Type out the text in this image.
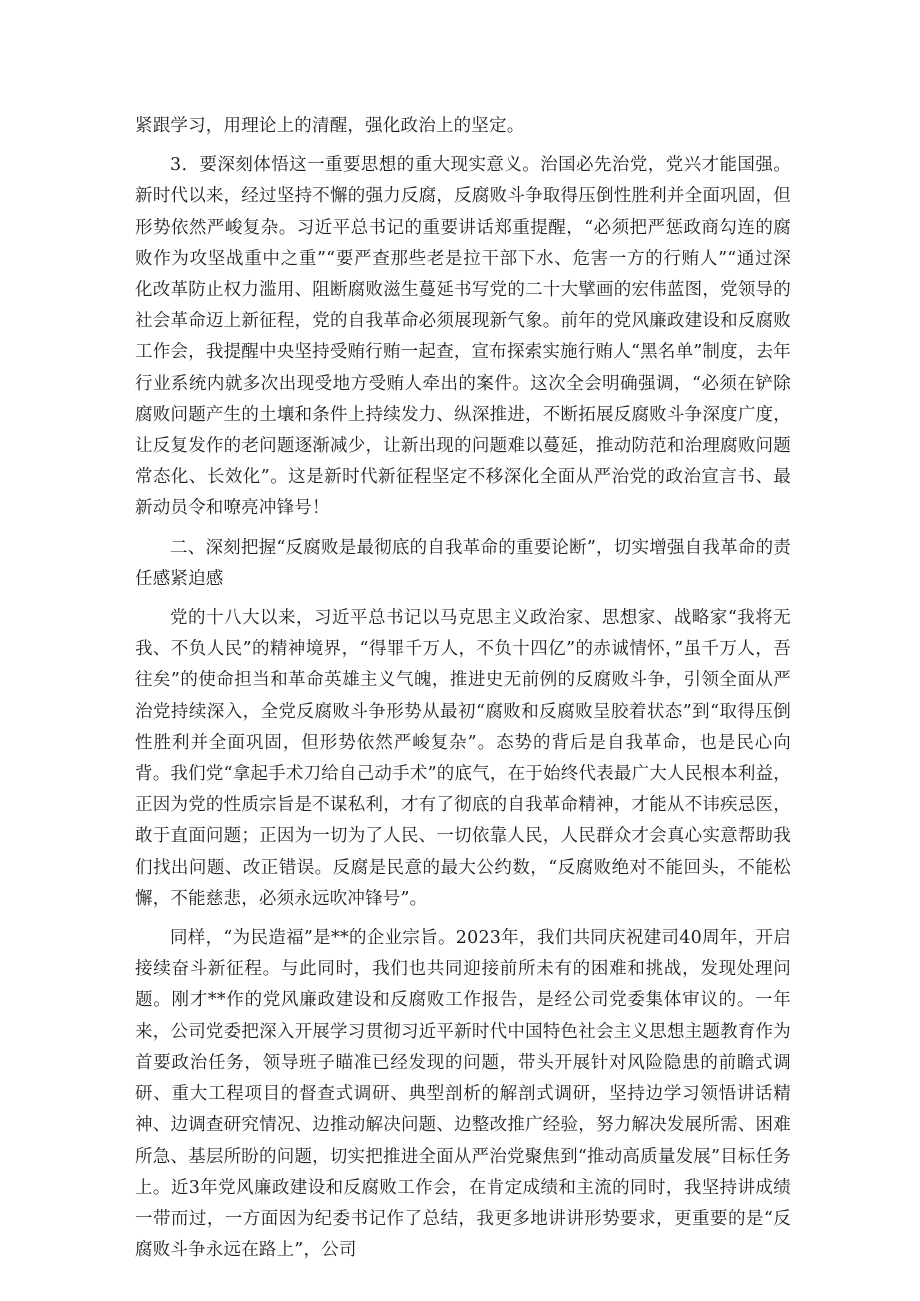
紧跟学习，用理论上的清醒，强化政治上的坚定。

3．要深刻体悟这一重要思想的重大现实意义。治国必先治党，党兴才能国强。新时代以来，经过坚持不懈的强力反腐，反腐败斗争取得压倒性胜利并全面巩固，但形势依然严峻复杂。习近平总书记的重要讲话郑重提醒，“必须把严惩政商勾连的腐败作为攻坚战重中之重”“要严查那些老是拉干部下水、危害一方的行贿人”“通过深化改革防止权力滥用、阻断腐败滋生蔓延书写党的二十大擘画的宏伟蓝图，党领导的社会革命迈上新征程，党的自我革命必须展现新气象。前年的党风廉政建设和反腐败工作会，我提醒中央坚持受贿行贿一起查，宣布探索实施行贿人“黑名单”制度，去年行业系统内就多次出现受地方受贿人牵出的案件。这次全会明确强调，“必须在铲除腐败问题产生的土壤和条件上持续发力、纵深推进，不断拓展反腐败斗争深度广度，让反复发作的老问题逐渐减少，让新出现的问题难以蔓延，推动防范和治理腐败问题常态化、长效化”。这是新时代新征程坚定不移深化全面从严治党的政治宣言书、最新动员令和嘹亮冲锋号！

二、深刻把握“反腐败是最彻底的自我革命的重要论断”，切实增强自我革命的责任感紧迫感

党的十八大以来，习近平总书记以马克思主义政治家、思想家、战略家“我将无我、不负人民”的精神境界，“得罪千万人，不负十四亿”的赤诚情怀，”虽千万人，吾往矣”的使命担当和革命英雄主义气魄，推进史无前例的反腐败斗争，引领全面从严治党持续深入，全党反腐败斗争形势从最初“腐败和反腐败呈胶着状态”到“取得压倒性胜利并全面巩固，但形势依然严峻复杂”。态势的背后是自我革命，也是民心向背。我们党“拿起手术刀给自己动手术”的底气，在于始终代表最广大人民根本利益，正因为党的性质宗旨是不谋私利，才有了彻底的自我革命精神，才能从不讳疾忌医，敢于直面问题；正因为一切为了人民、一切依靠人民，人民群众才会真心实意帮助我们找出问题、改正错误。反腐是民意的最大公约数，“反腐败绝对不能回头，不能松懈，不能慈悲，必须永远吹冲锋号”。

同样，“为民造福”是**的企业宗旨。2023年，我们共同庆祝建司40周年，开启接续奋斗新征程。与此同时，我们也共同迎接前所未有的困难和挑战，发现处理问题。刚才**作的党风廉政建设和反腐败工作报告，是经公司党委集体审议的。一年来，公司党委把深入开展学习贯彻习近平新时代中国特色社会主义思想主题教育作为首要政治任务，领导班子瞄准已经发现的问题，带头开展针对风险隐患的前瞻式调研、重大工程项目的督查式调研、典型剖析的解剖式调研，坚持边学习领悟讲话精神、边调查研究情况、边推动解决问题、边整改推广经验，努力解决发展所需、困难所急、基层所盼的问题，切实把推进全面从严治党聚焦到“推动高质量发展”目标任务上。近3年党风廉政建设和反腐败工作会，在肯定成绩和主流的同时，我坚持讲成绩一带而过，一方面因为纪委书记作了总结，我更多地讲讲形势要求，更重要的是“反腐败斗争永远在路上”，公司
